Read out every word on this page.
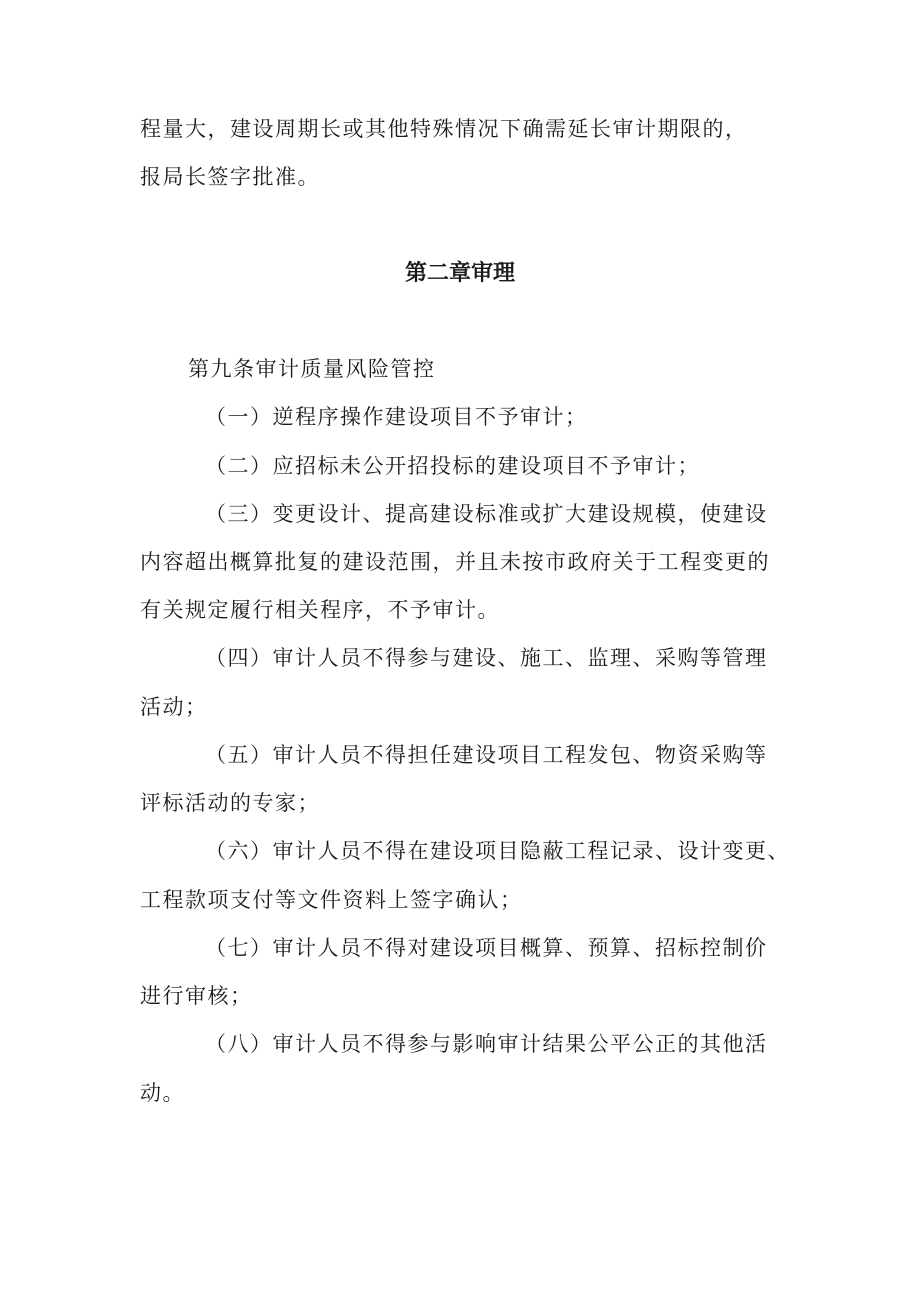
程量大，建设周期长或其他特殊情况下确需延长审计期限的，
报局长签字批准。
第二章审理
第九条审计质量风险管控
（一）逆程序操作建设项目不予审计；
（二）应招标未公开招投标的建设项目不予审计；
（三）变更设计、提高建设标准或扩大建设规模，使建设
内容超出概算批复的建设范围，并且未按市政府关于工程变更的
有关规定履行相关程序，不予审计。
（四）审计人员不得参与建设、施工、监理、采购等管理
活动；
（五）审计人员不得担任建设项目工程发包、物资采购等
评标活动的专家；
（六）审计人员不得在建设项目隐蔽工程记录、设计变更、
工程款项支付等文件资料上签字确认；
（七）审计人员不得对建设项目概算、预算、招标控制价
进行审核；
（八）审计人员不得参与影响审计结果公平公正的其他活
动。
